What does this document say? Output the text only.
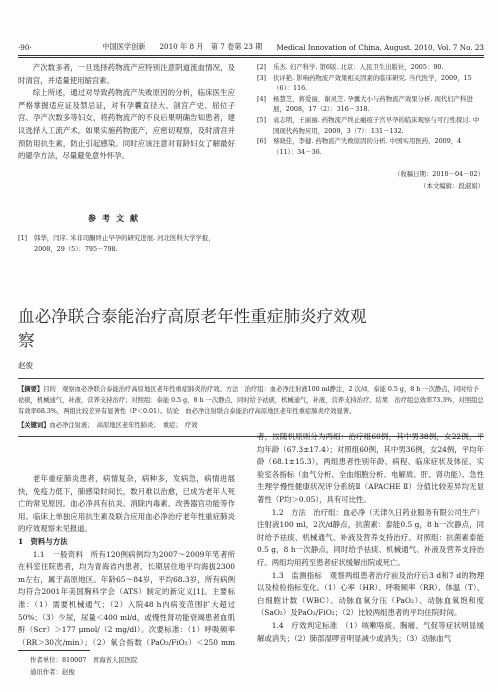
·90·	中国医学创新 2010 年 8 月　第 7 卷第 23 期 Medical Innovation of China, August. 2010, Vol. 7 No. 23

产次数多者，一旦选择药物流产应特别注意阴道流血情况，及时清宫，并适量使用缩宫素。

综上所述，通过对导致药物流产失败原因的分析，临床医生应严格掌握适应证及禁忌证，对有孕囊直径大、剖宫产史、屈位子宫、孕产次数多等妇女，将药物流产的不良后果明确告知患者，建议选择人工流产术。如果实施药物流产，应密切观察，及时清宫并预防用抗生素，防止引起感染。同时应该注意对育龄妇女了解最好的避孕方法，尽量避免意外怀孕。

参考文献
[1]	韩华，闫序. 米非司酮终止早孕的研究进展. 河北医科大学学报，2008，29（5）：795－798.
[2]	乐杰. 妇产科学. 第6版. 北京：人民卫生出版社，2005：90.
[3]	伏评艳. 影响药物流产效果相关因素的临床研究. 当代医学，2009，15（6）：116.
[4]	杨慧芝，蒋爱丽，谢灵芝. 孕囊大小与药物流产效果分析. 现代妇产科进展，2008，17（2）：316－318.
[5]	袁志明，王丽丽. 药物流产终止瘢痕子宫早孕的临床观察与可行性探讨. 中国现代药物应用，2009，3（7）：131－132.
[6]	蔡晓佳，李健. 药物流产失败原因的分析. 中国实用医药，2009，4（11）：34－36.
（收稿日期：2010－04－02）
（本文编辑：段淑娟）
血必净联合泰能治疗高原老年性重症肺炎疗效观察
赵俊
【摘要】目的　观察血必净联合泰能治疗高原地区老年性重症肺炎的疗效。方法　治疗组：血必净注射液100 ml静注，2 次/d，泰能 0.5 g，8 h 一次静点，同时给予祛痰，机械通气，补液，营养支持治疗；对照组：泰能 0.5 g，8 h 一次静点，同时给予祛痰，机械通气，补液，营养支持治疗。结果　治疗组总效率73.3%，对照组总有效率68.3%，两组比较差异有显著性（P＜0.01）。结论　血必净注射联合泰能治疗高原地区老年性重症肺炎疗效显著。
【关键词】血必净注射液；　高原地区老年性肺炎；　重症；　疗效

老年重症肺炎患者，病情复杂，病种多，发病急，病情进展快，免疫力低下，肺感染时间长，数月难以治愈，已成为老年人死亡的常见原因。血必净具有抗炎、消除内毒素、改善器官功能等作用。临床上单独应用抗生素及联合应用血必净治疗老年性重症肺炎的疗效观察未见报道。

1　资料与方法

1.1　一般资料　所有120例病例均为2007～2009年笔者所在科室住院患者，均为青海省内患者，长期居住地平均海拔2300 m左右，属于高原地区。年龄65～84岁，平均68.3岁，所有病例均符合2001年美国胸科学会（ATS）制定的新定义[1]。主要标准：（1）需要机械通气；（2）入院48 h内病变范围扩大超过50%；（3）少尿，尿量＜400 ml/d，或慢性肾功能衰竭患者血肌酐（Scr）＞177 μmol/（2 mg/dl）。次要标准：（1）呼吸频率（RR＞30次/min）；（2）氧合指数（PaO₂/FiO₂）＜250 mm

者，按随机原则分为两组：治疗组60例，其中男38例，女22例，平均年龄（67.3±17.4）；对照组60例，其中男36例，女24例，平均年龄（68.1±15.3）。两组患者性别年龄、病程、临床症状及体征、实验室各指标（血气分析、全血细胞分析、电解质、肝、肾功能）、急性生理学慢性健康状况评分系统Ⅱ（APACHE Ⅱ）分值比较差异均无显著性（P均＞0.05），具有可比性。

1.2　方法　治疗组：血必净（天津久日药业服务有限公司生产）注射液100 ml，2次/d静点，抗菌素：泰能0.5 g，8 h一次静点，同时给予祛痰、机械通气、补液及营养支持治疗。对照组：抗菌素泰能0.5 g，8 h一次静点，同时给予祛痰、机械通气、补液及营养支持治疗。两组均用药至患者症状缓解出院或死亡。

1.3　监测指标　观察两组患者治疗前及治疗后3 d和7 d的物理以及检验指标变化。（1）心率（HR）、呼吸频率（RR）、体温（T）、白细胞计数（WBC）、动脉血氧分压（PaO₂）、动脉血氧饱和度（SaO₂）及PaO₂/FiO₂；（2）比较两组患者的平均住院时间。

1.4　疗效判定标准　（1）咳嗽咯痰、胸痛、气促等症状明显缓解或消失；（2）肺部湿啰音明显减少或消失；（3）动脉血气

作者单位：810007　青海省人民医院
通讯作者：赵俊
